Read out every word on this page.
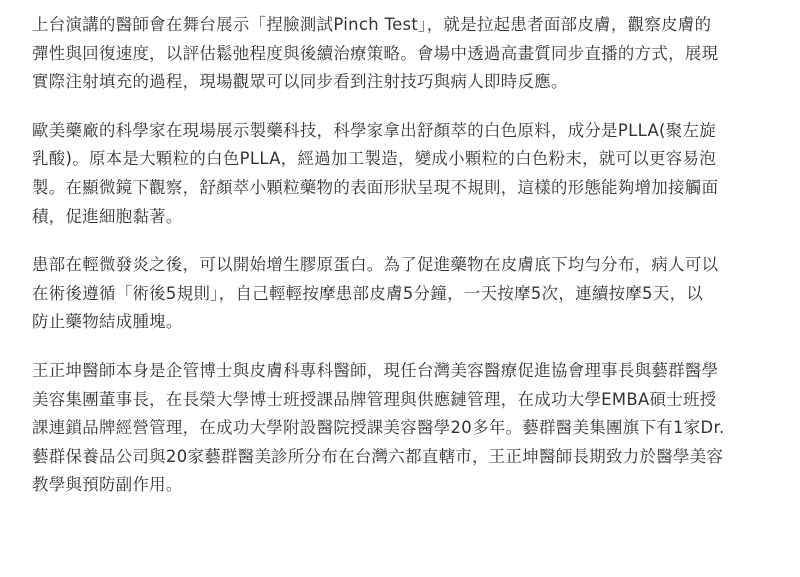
上台演講的醫師會在舞台展示「捏臉測試Pinch Test」，就是拉起患者面部皮膚，觀察皮膚的
彈性與回復速度，以評估鬆弛程度與後續治療策略。會場中透過高畫質同步直播的方式，展現
實際注射填充的過程，現場觀眾可以同步看到注射技巧與病人即時反應。

歐美藥廠的科學家在現場展示製藥科技，科學家拿出舒顏萃的白色原料，成分是PLLA(聚左旋
乳酸)。原本是大顆粒的白色PLLA，經過加工製造，變成小顆粒的白色粉末，就可以更容易泡
製。在顯微鏡下觀察，舒顏萃小顆粒藥物的表面形狀呈現不規則，這樣的形態能夠增加接觸面
積，促進細胞黏著。

患部在輕微發炎之後，可以開始增生膠原蛋白。為了促進藥物在皮膚底下均勻分布，病人可以
在術後遵循「術後5規則」，自己輕輕按摩患部皮膚5分鐘，一天按摩5次，連續按摩5天，以
防止藥物結成腫塊。

王正坤醫師本身是企管博士與皮膚科專科醫師，現任台灣美容醫療促進協會理事長與藝群醫學
美容集團董事長，在長榮大學博士班授課品牌管理與供應鏈管理，在成功大學EMBA碩士班授
課連鎖品牌經營管理，在成功大學附設醫院授課美容醫學20多年。藝群醫美集團旗下有1家Dr.
藝群保養品公司與20家藝群醫美診所分布在台灣六都直轄市，王正坤醫師長期致力於醫學美容
教學與預防副作用。
